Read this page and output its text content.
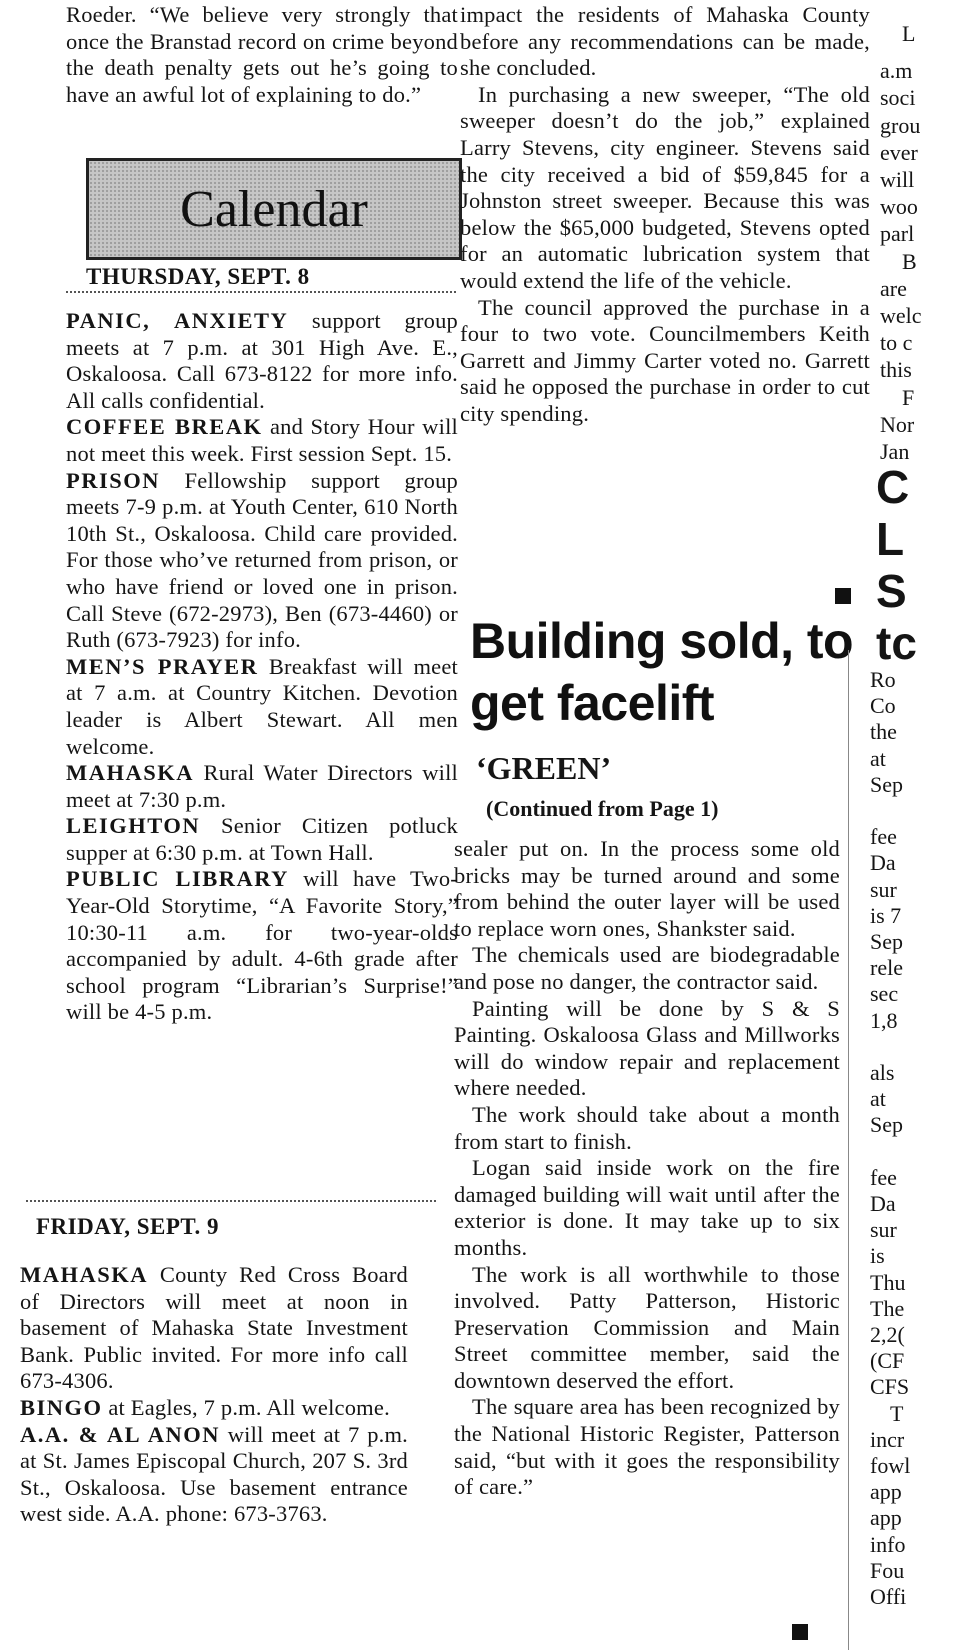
Roeder. “We believe very strongly that once the Branstad record on crime beyond the death penalty gets out he’s going to have an awful lot of explaining to do.”

Calendar
THURSDAY, SEPT. 8

PANIC, ANXIETY support group meets at 7 p.m. at 301 High Ave. E., Oskaloosa. Call 673-8122 for more info. All calls confidential.

COFFEE BREAK and Story Hour will not meet this week. First session Sept. 15.

PRISON Fellowship support group meets 7-9 p.m. at Youth Center, 610 North 10th St., Oskaloosa. Child care provided. For those who’ve returned from prison, or who have friend or loved one in prison. Call Steve (672-2973), Ben (673-4460) or Ruth (673-7923) for info.

MEN’S PRAYER Breakfast will meet at 7 a.m. at Country Kitchen. Devotion leader is Albert Stewart. All men welcome.

MAHASKA Rural Water Directors will meet at 7:30 p.m.

LEIGHTON Senior Citizen potluck supper at 6:30 p.m. at Town Hall.

PUBLIC LIBRARY will have Two-Year-Old Storytime, “A Favorite Story,” 10:30-11 a.m. for two-year-olds accompanied by adult. 4-6th grade after school program “Librarian’s Surprise!” will be 4-5 p.m.

FRIDAY, SEPT. 9

MAHASKA County Red Cross Board of Directors will meet at noon in basement of Mahaska State Investment Bank. Public invited. For more info call 673-4306.

BINGO at Eagles, 7 p.m. All welcome.

A.A. & AL ANON will meet at 7 p.m. at St. James Episcopal Church, 207 S. 3rd St., Oskaloosa. Use basement entrance west side. A.A. phone: 673-3763.

impact the residents of Mahaska County before any recommendations can be made, she concluded.

In purchasing a new sweeper, “The old sweeper doesn’t do the job,” explained Larry Stevens, city engineer. Stevens said the city received a bid of $59,845 for a Johnston street sweeper. Because this was below the $65,000 budgeted, Stevens opted for an automatic lubrication system that would extend the life of the vehicle.

The council approved the purchase in a four to two vote. Councilmembers Keith Garrett and Jimmy Carter voted no. Garrett said he opposed the purchase in order to cut city spending.

Building sold, to get facelift
‘GREEN’
(Continued from Page 1)

sealer put on. In the process some old bricks may be turned around and some from behind the outer layer will be used to replace worn ones, Shankster said.

The chemicals used are biodegradable and pose no danger, the contractor said.

Painting will be done by S & S Painting. Oskaloosa Glass and Millworks will do window repair and replacement where needed.

The work should take about a month from start to finish.

Logan said inside work on the fire damaged building will wait until after the exterior is done. It may take up to six months.

The work is all worthwhile to those involved. Patty Patterson, Historic Preservation Commission and Main Street committee member, said the downtown deserved the effort.

The square area has been recognized by the National Historic Register, Patterson said, “but with it goes the responsibility of care.”

L
a.m
soci
grou
ever
will
woo
parl
B
are
welc
to c
this
F
Nor
Jan
C
L
S
tc
Ro
Co
the
at
Sep
fee
Da
sur
is 7
Sep
rele
sec
1,8
als
at
Sep
fee
Da
sur
is
Thu
The
2,2(
(CF
CFS
T
incr
fowl
app
app
info
Fou
Offi
